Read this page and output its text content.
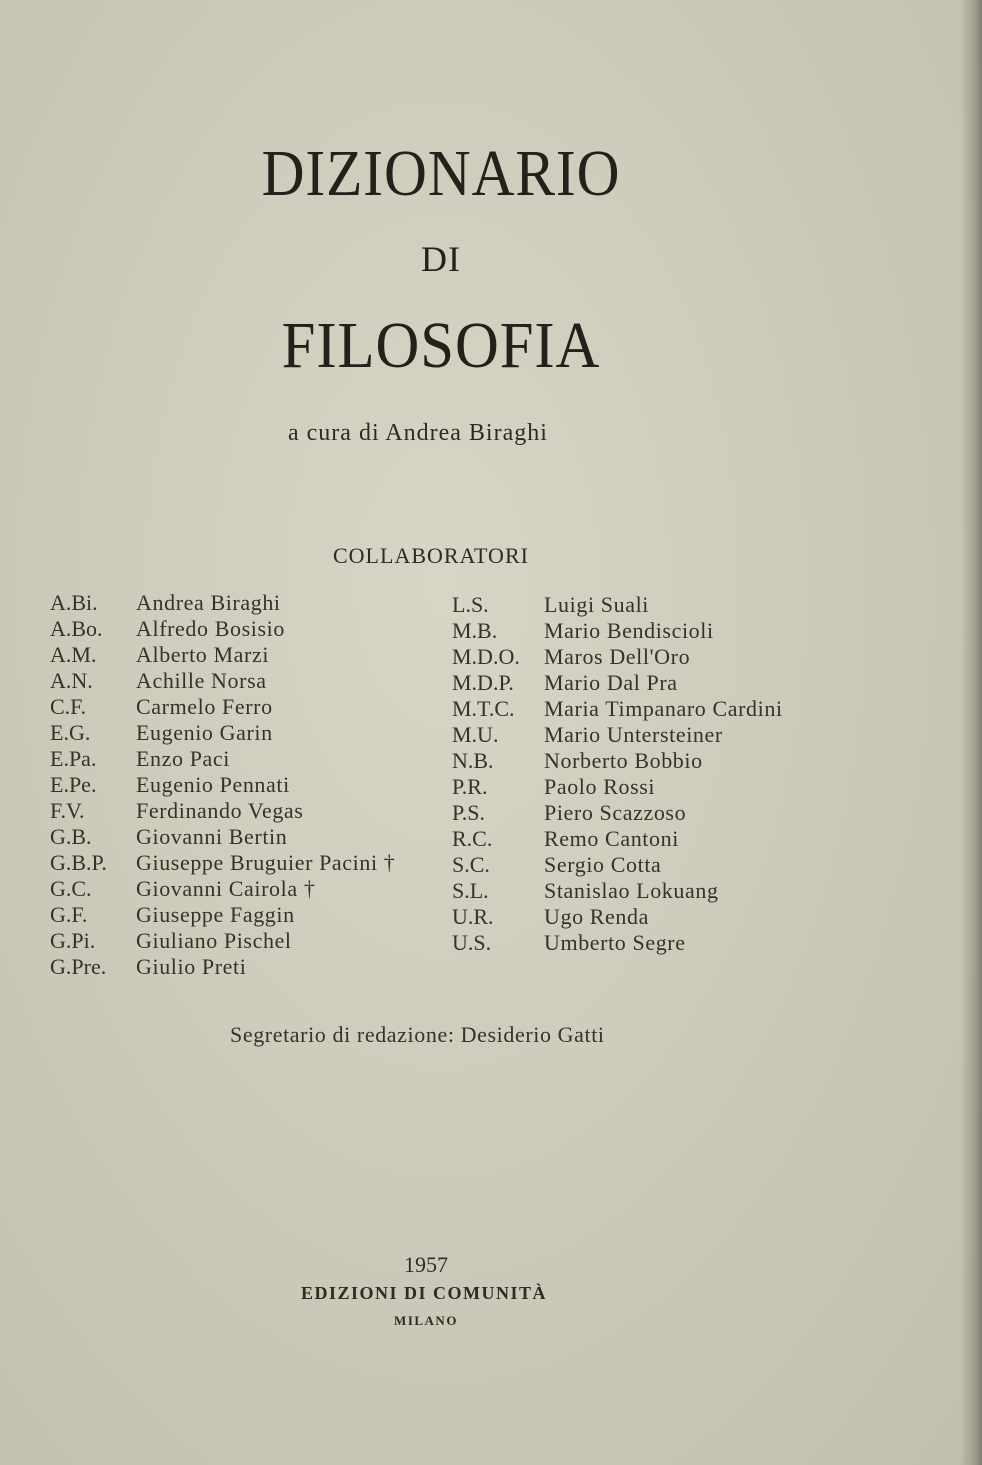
DIZIONARIO
DI
FILOSOFIA
a cura di Andrea Biraghi
COLLABORATORI
A.Bi. Andrea Biraghi
A.Bo. Alfredo Bosisio
A.M. Alberto Marzi
A.N. Achille Norsa
C.F. Carmelo Ferro
E.G. Eugenio Garin
E.Pa. Enzo Paci
E.Pe. Eugenio Pennati
F.V. Ferdinando Vegas
G.B. Giovanni Bertin
G.B.P. Giuseppe Bruguier Pacini †
G.C. Giovanni Cairola †
G.F. Giuseppe Faggin
G.Pi. Giuliano Pischel
G.Pre. Giulio Preti
L.S.	Luigi Suali
M.B. Mario Bendiscioli
M.D.O. Maros Dell'Oro
M.D.P. Mario Dal Pra
M.T.C. Maria Timpanaro Cardini
M.U. Mario Untersteiner
N.B. Norberto Bobbio
P.R.	Paolo Rossi
P.S.	Piero Scazzoso
R.C. Remo Cantoni
S.C. Sergio Cotta
S.L.	Stanislao Lokuang
U.R. Ugo Renda
U.S. Umberto Segre
Segretario di redazione: Desiderio Gatti
1957
EDIZIONI DI COMUNITÀ
MILANO
